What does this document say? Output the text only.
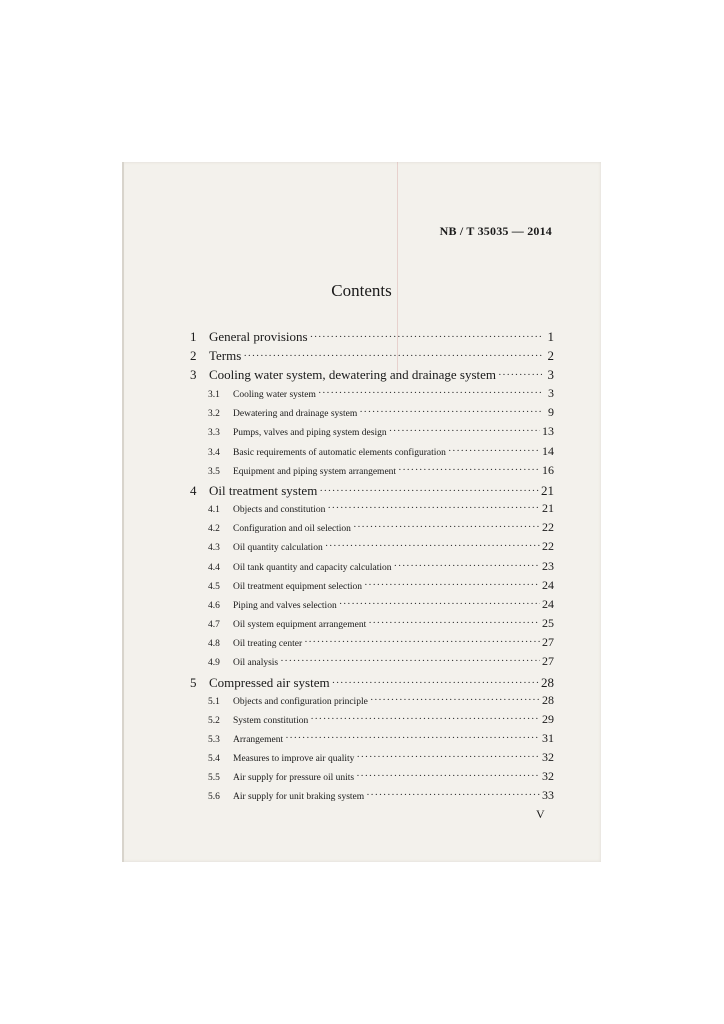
NB / T 35035 — 2014
Contents
1 General provisions ·····	1
2 Terms ·····	2
3 Cooling water system, dewatering and drainage system ·····	3
3.1	Cooling water system ·····	3
3.2	Dewatering and drainage system ·····	9
3.3	Pumps, valves and piping system design ·····	13
3.4	Basic requirements of automatic elements configuration ·····	14
3.5	Equipment and piping system arrangement ·····	16
4 Oil treatment system ·····	21
4.1	Objects and constitution ·····	21
4.2	Configuration and oil selection ·····	22
4.3	Oil quantity calculation ·····	22
4.4	Oil tank quantity and capacity calculation ·····	23
4.5	Oil treatment equipment selection ·····	24
4.6	Piping and valves selection ·····	24
4.7	Oil system equipment arrangement ·····	25
4.8	Oil treating center ·····	27
4.9	Oil analysis ·····	27
5 Compressed air system ·····	28
5.1	Objects and configuration principle ·····	28
5.2	System constitution ·····	29
5.3	Arrangement ·····	31
5.4	Measures to improve air quality ·····	32
5.5	Air supply for pressure oil units ·····	32
5.6	Air supply for unit braking system ·····	33
V
